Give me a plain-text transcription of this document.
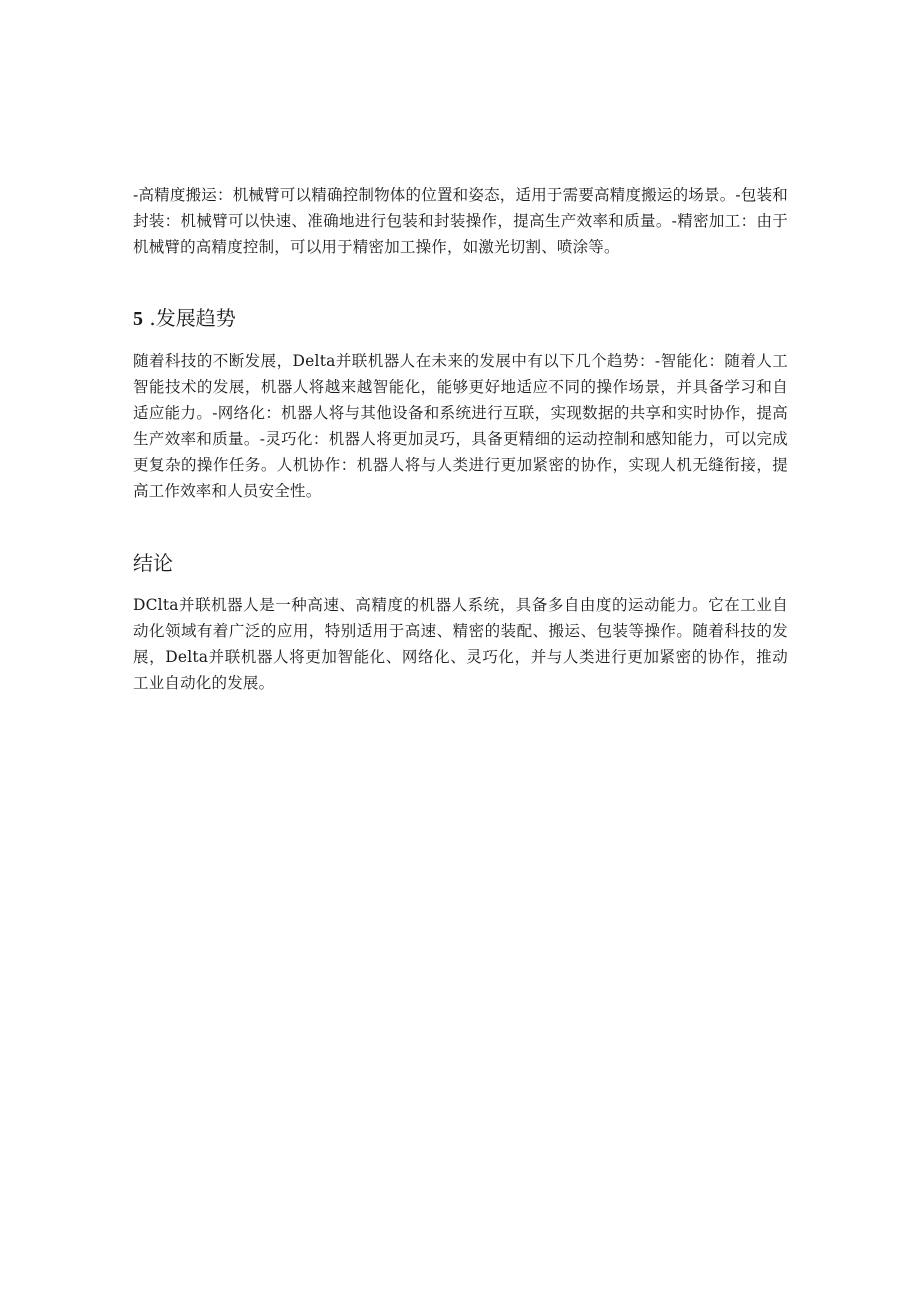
-高精度搬运：机械臂可以精确控制物体的位置和姿态，适用于需要高精度搬运的场景。-包装和封装：机械臂可以快速、准确地进行包装和封装操作，提高生产效率和质量。-精密加工：由于机械臂的高精度控制，可以用于精密加工操作，如激光切割、喷涂等。

5 .发展趋势

随着科技的不断发展，Delta并联机器人在未来的发展中有以下几个趋势：-智能化：随着人工智能技术的发展，机器人将越来越智能化，能够更好地适应不同的操作场景，并具备学习和自适应能力。-网络化：机器人将与其他设备和系统进行互联，实现数据的共享和实时协作，提高生产效率和质量。-灵巧化：机器人将更加灵巧，具备更精细的运动控制和感知能力，可以完成更复杂的操作任务。人机协作：机器人将与人类进行更加紧密的协作，实现人机无缝衔接，提高工作效率和人员安全性。

结论

DClta并联机器人是一种高速、高精度的机器人系统，具备多自由度的运动能力。它在工业自动化领域有着广泛的应用，特别适用于高速、精密的装配、搬运、包装等操作。随着科技的发展，Delta并联机器人将更加智能化、网络化、灵巧化，并与人类进行更加紧密的协作，推动工业自动化的发展。
